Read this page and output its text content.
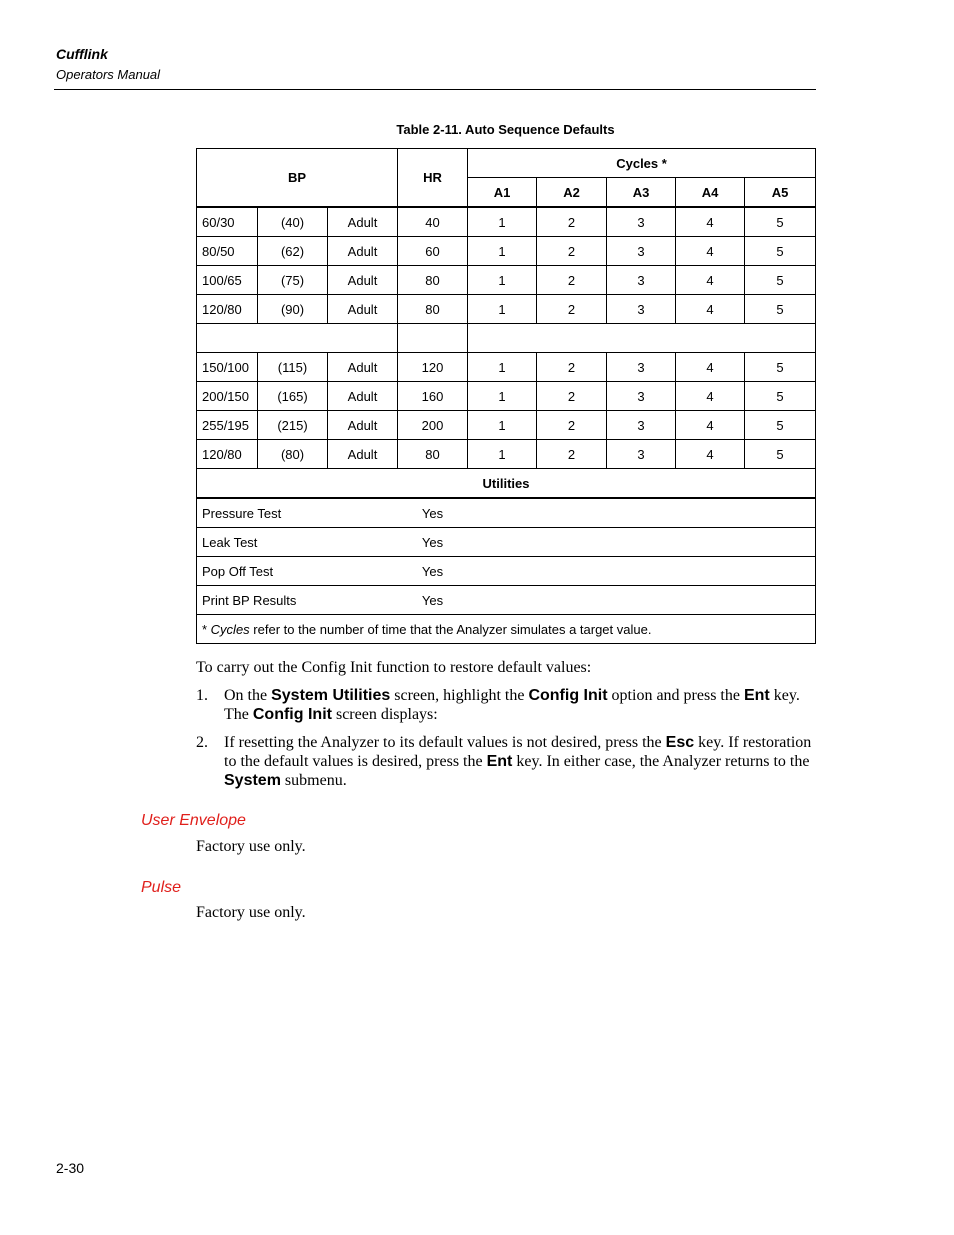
Cufflink
Operators Manual
Table 2-11. Auto Sequence Defaults
BP			HR	Cycles *				
				A1	A2	A3	A4	A5
60/30	(40)	Adult	40	1	2	3	4	5
80/50	(62)	Adult	60	1	2	3	4	5
100/65	(75)	Adult	80	1	2	3	4	5
120/80	(90)	Adult	80	1	2	3	4	5

150/100	(115)	Adult	120	1	2	3	4	5
200/150	(165)	Adult	160	1	2	3	4	5
255/195	(215)	Adult	200	1	2	3	4	5
120/80	(80)	Adult	80	1	2	3	4	5
Utilities								
Pressure Test			Yes					
Leak Test			Yes					
Pop Off Test			Yes					
Print BP Results			Yes					
* Cycles refer to the number of time that the Analyzer simulates a target value.								
To carry out the Config Init function to restore default values:
1. On the System Utilities screen, highlight the Config Init option and press the Ent key. The Config Init screen displays:
2. If resetting the Analyzer to its default values is not desired, press the Esc key. If restoration to the default values is desired, press the Ent key. In either case, the Analyzer returns to the System submenu.
User Envelope
Factory use only.
Pulse
Factory use only.
2-30
